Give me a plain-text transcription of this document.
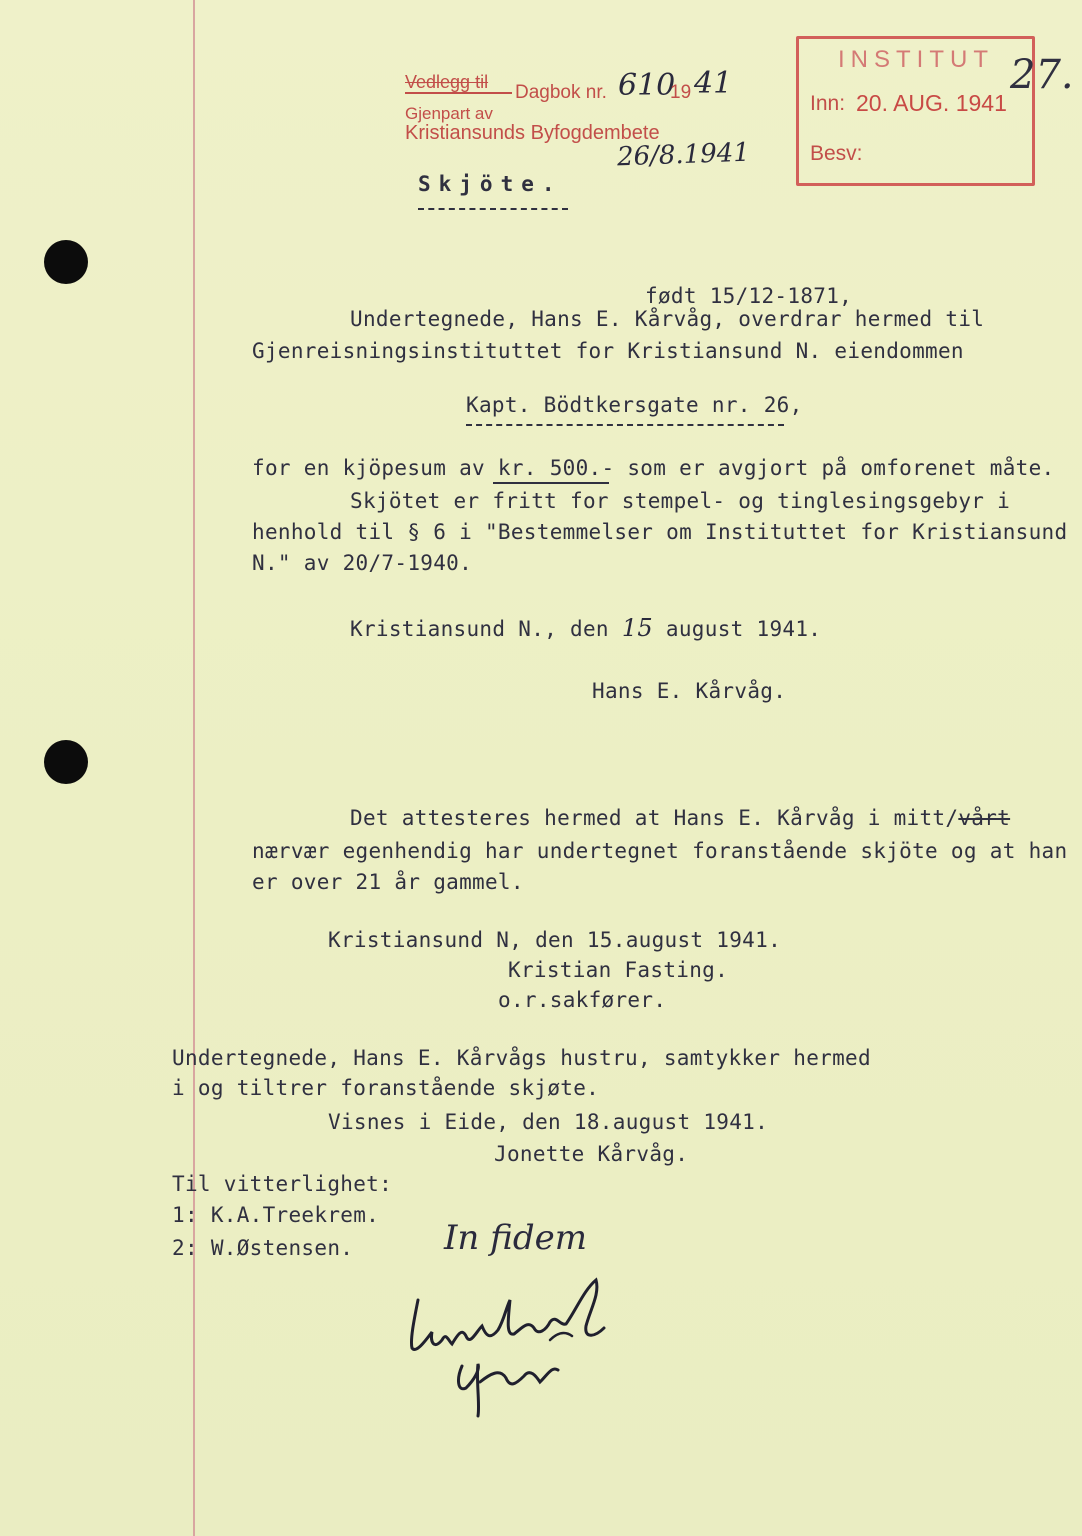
Vedlegg til Dagbok nr. 610
19 41
Gjenpart av
Kristiansunds Byfogdembete
26/8.1941
INSTITUT
Inn: 20. AUG. 1941
Besv:
27.
Skjöte.
født 15/12-1871,
Undertegnede, Hans E. Kårvåg, overdrar hermed til
Gjenreisningsinstituttet for Kristiansund N. eiendommen
Kapt. Bödtkersgate nr. 26,
for en kjöpesum av kr. 500.- som er avgjort på omforenet måte.
Skjötet er fritt for stempel- og tinglesingsgebyr i
henhold til § 6 i "Bestemmelser om Instituttet for Kristiansund
N." av 20/7-1940.
Kristiansund N., den 15 august 1941.
Hans E. Kårvåg.
Det attesteres hermed at Hans E. Kårvåg i mitt/vårt
nærvær egenhendig har undertegnet foranstående skjöte og at han
er over 21 år gammel.
Kristiansund N, den 15.august 1941.
Kristian Fasting.
o.r.sakfører.
Undertegnede, Hans E. Kårvågs hustru, samtykker hermed
i og tiltrer foranstående skjøte.
Visnes i Eide, den 18.august 1941.
Jonette Kårvåg.
Til vitterlighet:
1: K.A.Treekrem.
2: W.Østensen.	In fidem
